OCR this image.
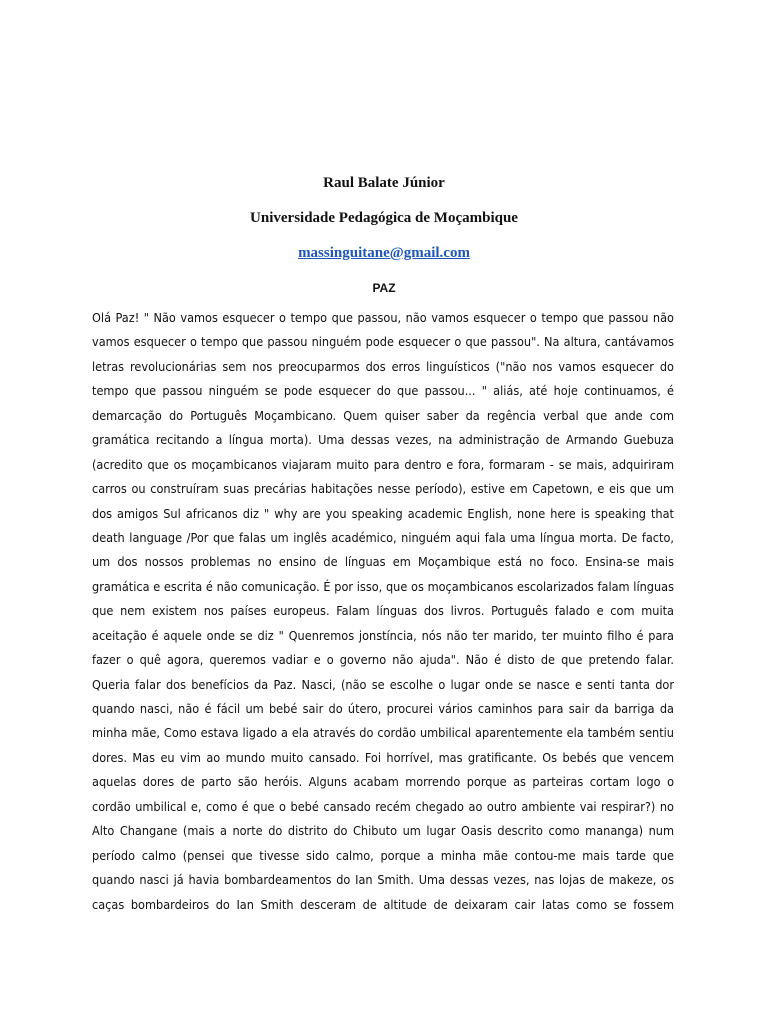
Raul Balate Júnior
Universidade Pedagógica de Moçambique
massinguitane@gmail.com
PAZ
Olá Paz! " Não vamos esquecer o tempo que passou, não vamos esquecer o tempo que passou não
vamos esquecer o tempo que passou ninguém pode esquecer o que passou". Na altura, cantávamos
letras revolucionárias sem nos preocuparmos dos erros linguísticos ("não nos vamos esquecer do
tempo que passou ninguém se pode esquecer do que passou... " aliás, até hoje continuamos, é
demarcação do Português Moçambicano. Quem quiser saber da regência verbal que ande com
gramática recitando a língua morta). Uma dessas vezes, na administração de Armando Guebuza
(acredito que os moçambicanos viajaram muito para dentro e fora, formaram - se mais, adquiriram
carros ou construíram suas precárias habitações nesse período), estive em Capetown, e eis que um
dos amigos Sul africanos diz " why are you speaking academic English, none here is speaking that
death language /Por que falas um inglês académico, ninguém aqui fala uma língua morta. De facto,
um dos nossos problemas no ensino de línguas em Moçambique está no foco. Ensina-se mais
gramática e escrita é não comunicação. É por isso, que os moçambicanos escolarizados falam línguas
que nem existem nos países europeus. Falam línguas dos livros. Português falado e com muita
aceitação é aquele onde se diz " Quenremos jonstíncia, nós não ter marido, ter muinto filho é para
fazer o quê agora, queremos vadiar e o governo não ajuda". Não é disto de que pretendo falar.
Queria falar dos benefícios da Paz. Nasci, (não se escolhe o lugar onde se nasce e senti tanta dor
quando nasci, não é fácil um bebé sair do útero, procurei vários caminhos para sair da barriga da
minha mãe, Como estava ligado a ela através do cordão umbilical aparentemente ela também sentiu
dores. Mas eu vim ao mundo muito cansado. Foi horrível, mas gratificante. Os bebés que vencem
aquelas dores de parto são heróis. Alguns acabam morrendo porque as parteiras cortam logo o
cordão umbilical e, como é que o bebé cansado recém chegado ao outro ambiente vai respirar?) no
Alto Changane (mais a norte do distrito do Chibuto um lugar Oasis descrito como mananga) num
período calmo (pensei que tivesse sido calmo, porque a minha mãe contou-me mais tarde que
quando nasci já havia bombardeamentos do Ian Smith. Uma dessas vezes, nas lojas de makeze, os
caças bombardeiros do Ian Smith desceram de altitude de deixaram cair latas como se fossem
